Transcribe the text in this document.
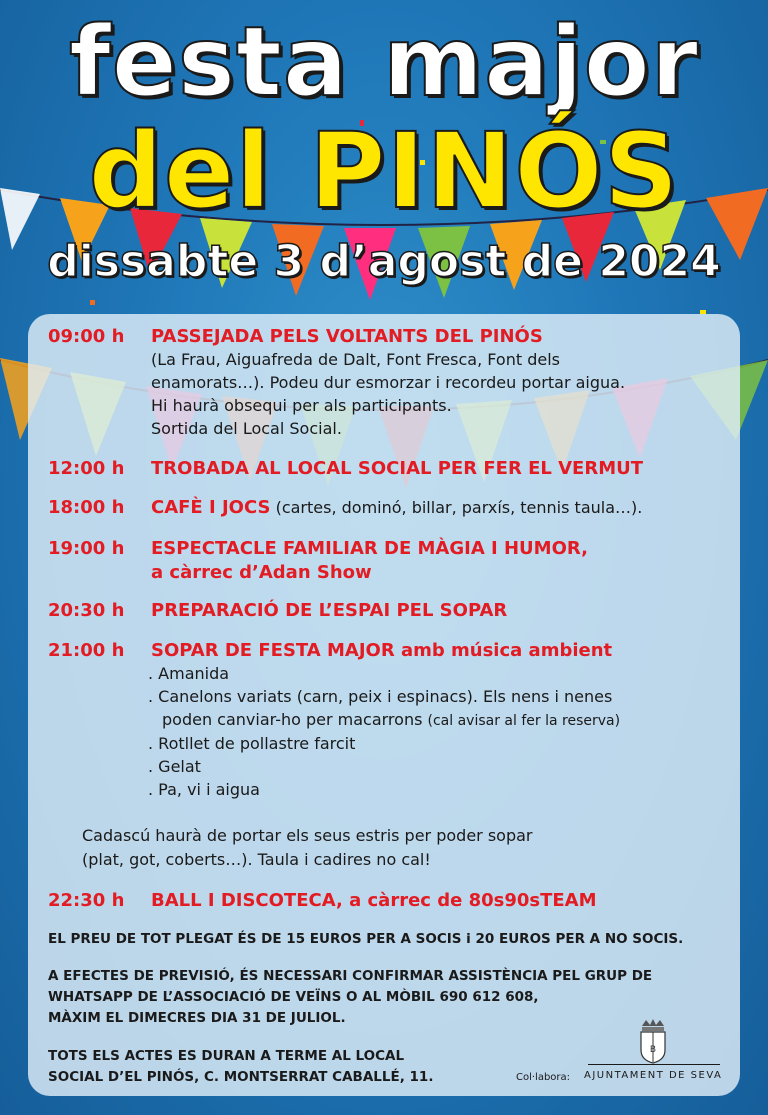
festa major
del PINÓS
dissabte 3 d’agost de 2024
09:00 h PASSEJADA PELS VOLTANTS DEL PINÓS
(La Frau, Aiguafreda de Dalt, Font Fresca, Font dels
enamorats…). Podeu dur esmorzar i recordeu portar aigua.
Hi haurà obsequi per als participants.
Sortida del Local Social.
12:00 h TROBADA AL LOCAL SOCIAL PER FER EL VERMUT
18:00 h CAFÈ I JOCS (cartes, dominó, billar, parxís, tennis taula…).
19:00 h ESPECTACLE FAMILIAR DE MÀGIA I HUMOR,
a càrrec d’Adan Show
20:30 h PREPARACIÓ DE L’ESPAI PEL SOPAR
21:00 h SOPAR DE FESTA MAJOR amb música ambient
. Amanida
. Canelons variats (carn, peix i espinacs). Els nens i nenes
poden canviar-ho per macarrons (cal avisar al fer la reserva)
. Rotllet de pollastre farcit
. Gelat
. Pa, vi i aigua
Cadascú haurà de portar els seus estris per poder sopar
(plat, got, coberts…). Taula i cadires no cal!
22:30 h BALL I DISCOTECA, a càrrec de 80s90sTEAM
EL PREU DE TOT PLEGAT ÉS DE 15 EUROS PER A SOCIS i 20 EUROS PER A NO SOCIS.
A EFECTES DE PREVISIÓ, ÉS NECESSARI CONFIRMAR ASSISTÈNCIA PEL GRUP DE
WHATSAPP DE L’ASSOCIACIÓ DE VEÏNS O AL MÒBIL 690 612 608,
MÀXIM EL DIMECRES DIA 31 DE JULIOL.
TOTS ELS ACTES ES DURAN A TERME AL LOCAL
SOCIAL D’EL PINÓS, C. MONTSERRAT CABALLÉ, 11.	Col·labora:
B
AJUNTAMENT DE SEVA
